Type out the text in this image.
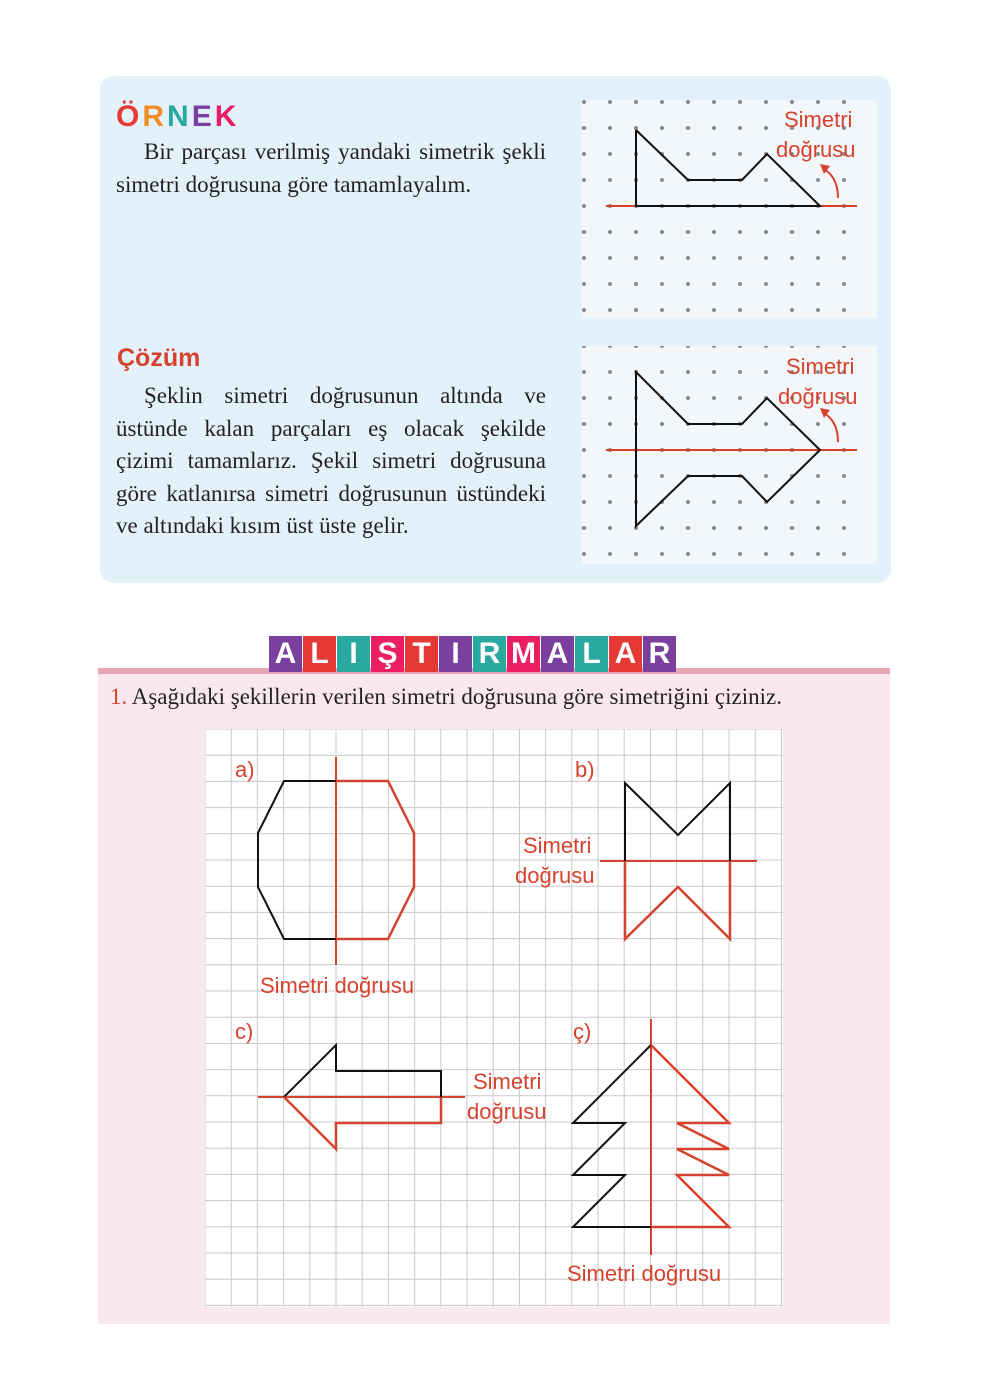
ÖRNEK
Bir parçası verilmiş yandaki simetrik şekli simetri doğrusuna göre tamamlayalım.
Simetri
doğrusu
Çözüm
Şeklin simetri doğrusunun altında ve üstünde kalan parçaları eş olacak şekilde çizimi tamamlarız. Şekil simetri doğrusuna göre katlanırsa simetri doğrusunun üstündeki ve altındaki kısım üst üste gelir.
Simetri
doğrusu
A L I Ş T I R M A L A R
1. Aşağıdaki şekillerin verilen simetri doğrusuna göre simetriğini çiziniz.
a)
Simetri doğrusu
b)
Simetri
doğrusu
c)
Simetri
doğrusu
ç)
Simetri doğrusu
